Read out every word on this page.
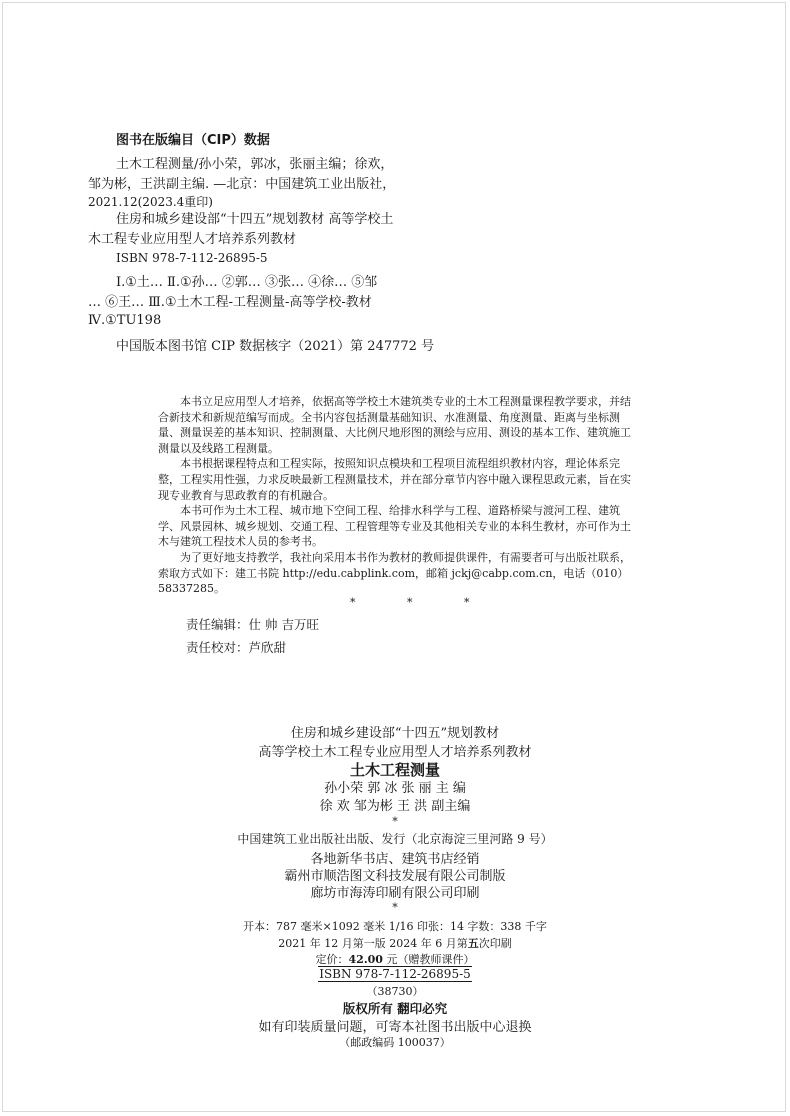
图书在版编目（CIP）数据
土木工程测量/孙小荣，郭冰，张丽主编；徐欢，
邹为彬，王洪副主编. —北京：中国建筑工业出版社，
2021.12(2023.4重印)
住房和城乡建设部“十四五”规划教材 高等学校土
木工程专业应用型人才培养系列教材
ISBN 978-7-112-26895-5
Ⅰ.①土… Ⅱ.①孙… ②郭… ③张… ④徐… ⑤邹
… ⑥王… Ⅲ.①土木工程-工程测量-高等学校-教材
Ⅳ.①TU198
中国版本图书馆 CIP 数据核字（2021）第 247772 号

本书立足应用型人才培养，依据高等学校土木建筑类专业的土木工程测量课程教学要求，并结合新技术和新规范编写而成。全书内容包括测量基础知识、水准测量、角度测量、距离与坐标测量、测量误差的基本知识、控制测量、大比例尺地形图的测绘与应用、测设的基本工作、建筑施工测量以及线路工程测量。

本书根据课程特点和工程实际，按照知识点模块和工程项目流程组织教材内容，理论体系完整，工程实用性强，力求反映最新工程测量技术，并在部分章节内容中融入课程思政元素，旨在实现专业教育与思政教育的有机融合。

本书可作为土木工程、城市地下空间工程、给排水科学与工程、道路桥梁与渡河工程、建筑学、风景园林、城乡规划、交通工程、工程管理等专业及其他相关专业的本科生教材，亦可作为土木与建筑工程技术人员的参考书。

为了更好地支持教学，我社向采用本书作为教材的教师提供课件，有需要者可与出版社联系，索取方式如下：建工书院 http://edu.cabplink.com，邮箱 jckj@cabp.com.cn，电话（010）58337285。

* * *
责任编辑：仕 帅 吉万旺
责任校对：芦欣甜
住房和城乡建设部“十四五”规划教材
高等学校土木工程专业应用型人才培养系列教材
土木工程测量
孙小荣 郭 冰 张 丽 主 编
徐 欢 邹为彬 王 洪 副主编
*
中国建筑工业出版社出版、发行（北京海淀三里河路 9 号）
各地新华书店、建筑书店经销
霸州市顺浩图文科技发展有限公司制版
廊坊市海涛印刷有限公司印刷
*
开本：787 毫米×1092 毫米 1/16 印张：14 字数：338 千字
2021 年 12 月第一版 2024 年 6 月第五次印刷
定价：42.00 元（赠教师课件）
ISBN 978-7-112-26895-5
（38730）
版权所有 翻印必究
如有印装质量问题，可寄本社图书出版中心退换
（邮政编码 100037）
